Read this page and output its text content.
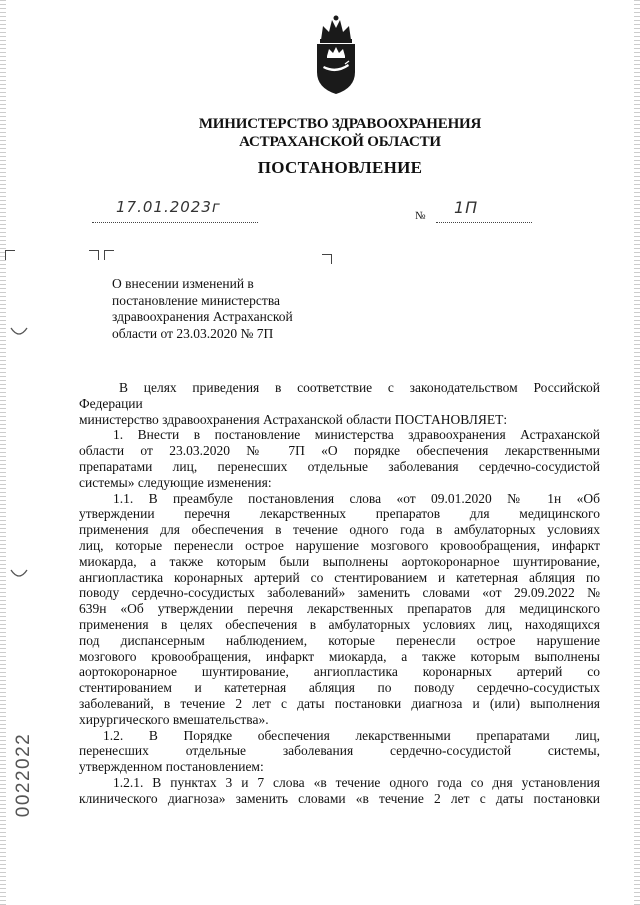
МИНИСТЕРСТВО ЗДРАВООХРАНЕНИЯ
АСТРАХАНСКОЙ ОБЛАСТИ
ПОСТАНОВЛЕНИЕ
17.01.2023г	№ 1П
О внесении изменений в
постановление министерства
здравоохранения Астраханской
области от 23.03.2020 № 7П
В целях приведения в соответствие с законодательством Российской
Федерации
министерство здравоохранения Астраханской области ПОСТАНОВЛЯЕТ:
1. Внести в постановление министерства здравоохранения Астраханской
области от 23.03.2020 № 7П «О порядке обеспечения лекарственными
препаратами лиц, перенесших отдельные заболевания сердечно-сосудистой
системы» следующие изменения:
1.1. В преамбуле постановления слова «от 09.01.2020 № 1н «Об
утверждении перечня лекарственных препаратов для медицинского
применения для обеспечения в течение одного года в амбулаторных условиях
лиц, которые перенесли острое нарушение мозгового кровообращения, инфаркт
миокарда, а также которым были выполнены аортокоронарное шунтирование,
ангиопластика коронарных артерий со стентированием и катетерная абляция по
поводу сердечно-сосудистых заболеваний» заменить словами «от 29.09.2022 №
639н «Об утверждении перечня лекарственных препаратов для медицинского
применения в целях обеспечения в амбулаторных условиях лиц, находящихся
под диспансерным наблюдением, которые перенесли острое нарушение
мозгового кровообращения, инфаркт миокарда, а также которым выполнены
аортокоронарное шунтирование, ангиопластика коронарных артерий со
стентированием и катетерная абляция по поводу сердечно-сосудистых
заболеваний, в течение 2 лет с даты постановки диагноза и (или) выполнения
хирургического вмешательства».
1.2. В Порядке обеспечения лекарственными препаратами лиц,
перенесших отдельные заболевания сердечно-сосудистой системы,
утвержденном постановлением:
1.2.1. В пунктах 3 и 7 слова «в течение одного года со дня установления
клинического диагноза» заменить словами «в течение 2 лет с даты постановки
0022022
